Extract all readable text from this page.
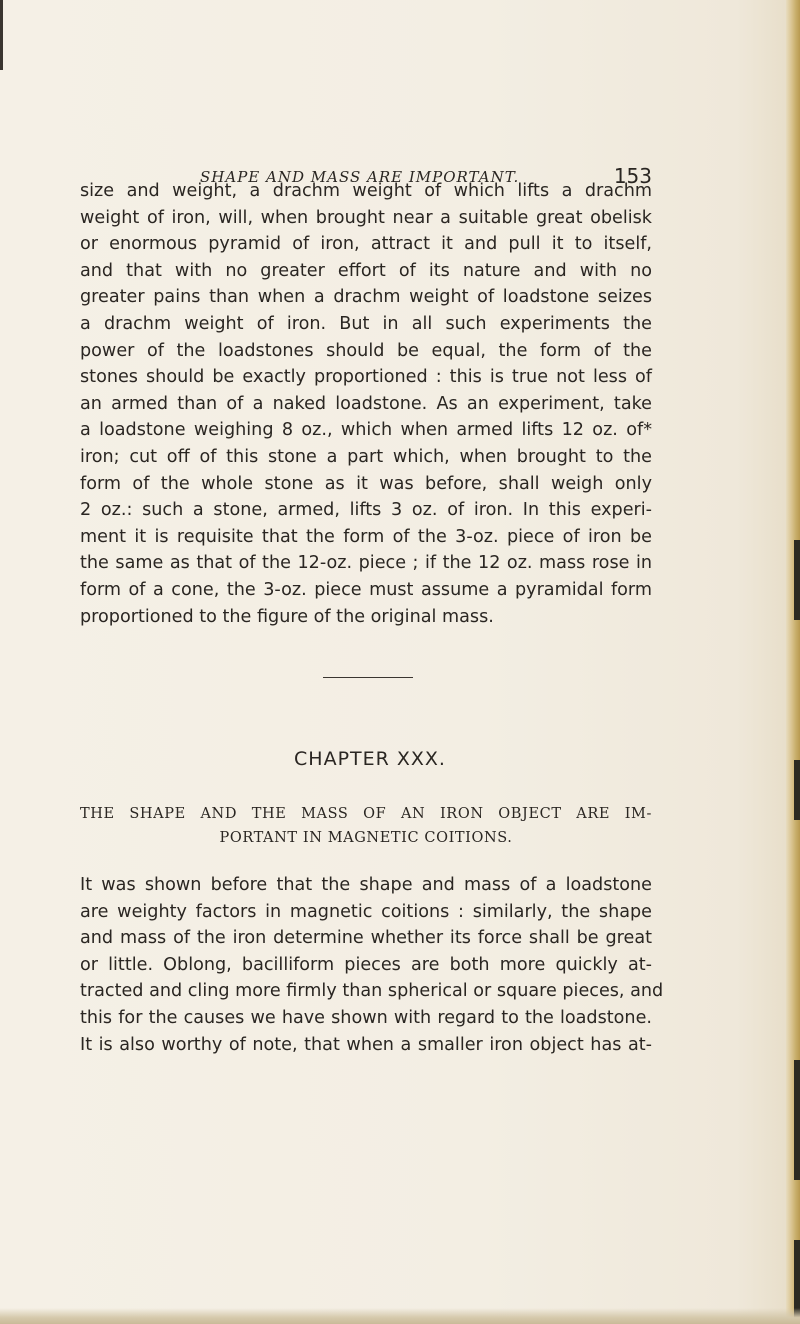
SHAPE AND MASS ARE IMPORTANT.	153
size and weight, a drachm weight of which lifts a drachm
weight of iron, will, when brought near a suitable great obelisk
or enormous pyramid of iron, attract it and pull it to itself,
and that with no greater effort of its nature and with no
greater pains than when a drachm weight of loadstone seizes
a drachm weight of iron. But in all such experiments the
power of the loadstones should be equal, the form of the
stones should be exactly proportioned : this is true not less of
an armed than of a naked loadstone. As an experiment, take
a loadstone weighing 8 oz., which when armed lifts 12 oz. of*
iron; cut off of this stone a part which, when brought to the
form of the whole stone as it was before, shall weigh only
2 oz.: such a stone, armed, lifts 3 oz. of iron. In this experi-
ment it is requisite that the form of the 3-oz. piece of iron be
the same as that of the 12-oz. piece ; if the 12 oz. mass rose in
form of a cone, the 3-oz. piece must assume a pyramidal form
proportioned to the figure of the original mass.
CHAPTER XXX.
THE SHAPE AND THE MASS OF AN IRON OBJECT ARE IM-
PORTANT IN MAGNETIC COITIONS.
It was shown before that the shape and mass of a loadstone
are weighty factors in magnetic coitions : similarly, the shape
and mass of the iron determine whether its force shall be great
or little. Oblong, bacilliform pieces are both more quickly at-
tracted and cling more firmly than spherical or square pieces, and
this for the causes we have shown with regard to the loadstone.
It is also worthy of note, that when a smaller iron object has at-
